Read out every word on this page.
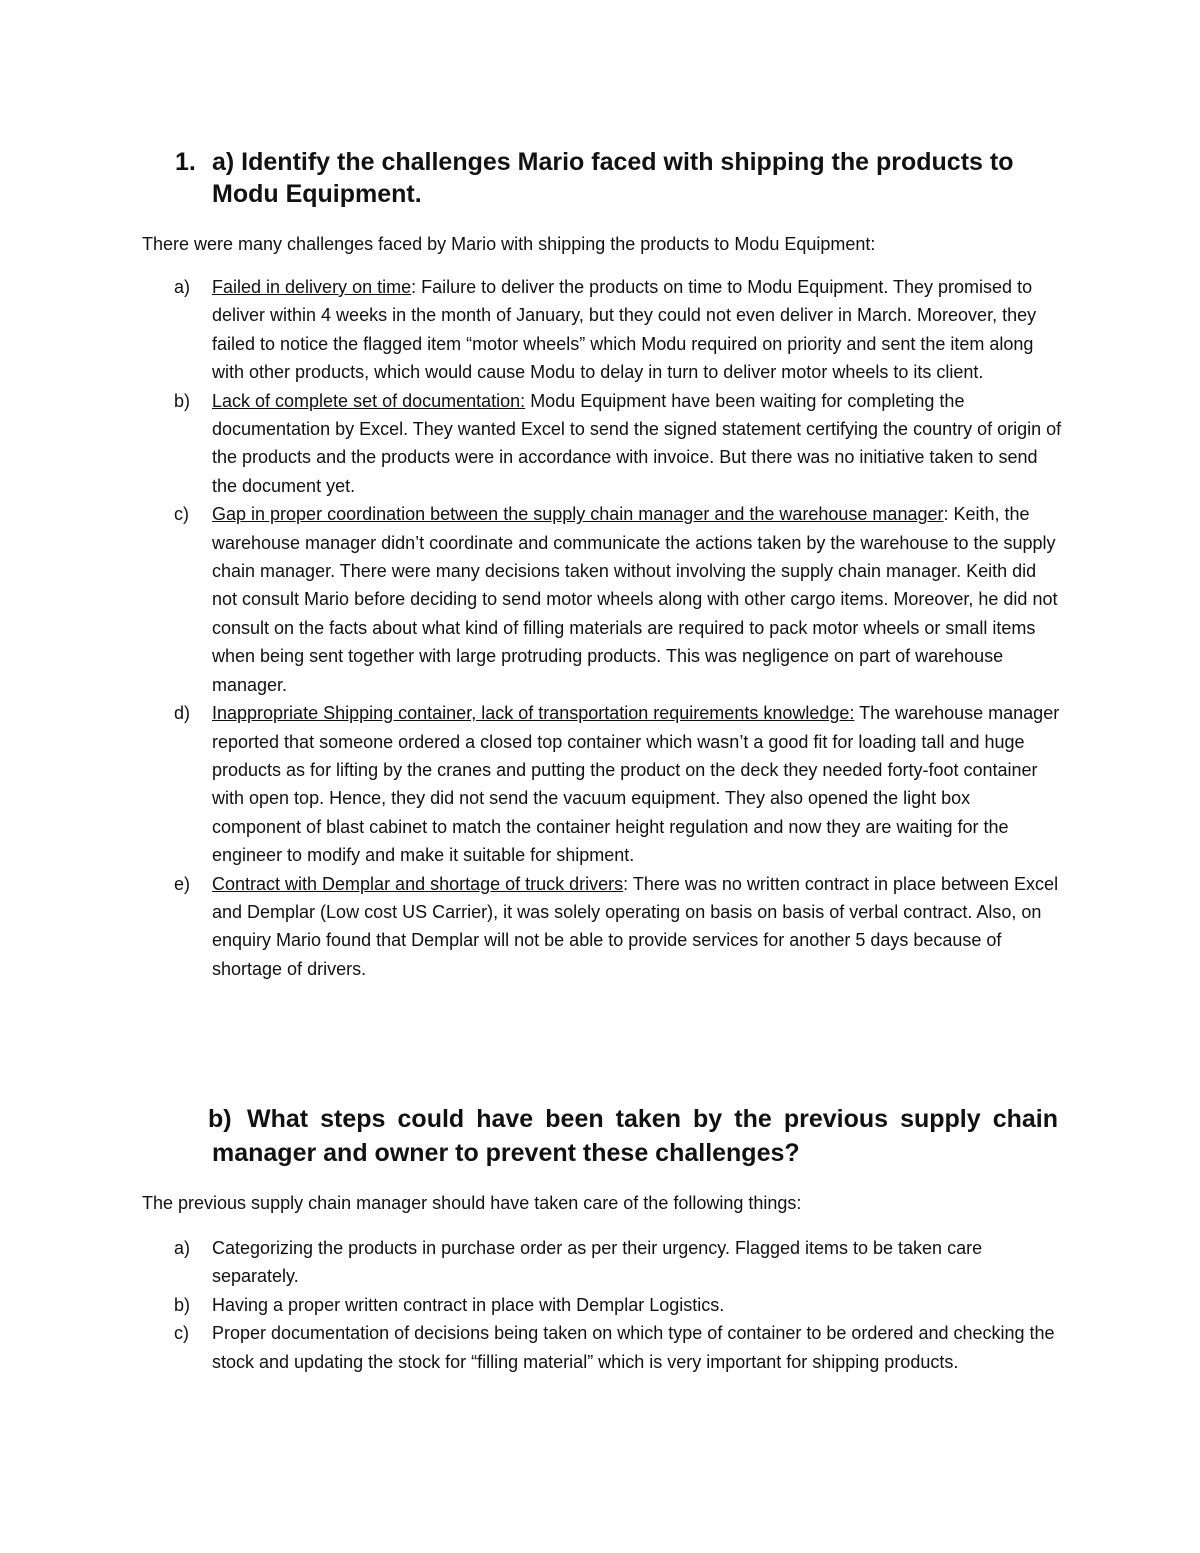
1. a) Identify the challenges Mario faced with shipping the products to Modu Equipment.
There were many challenges faced by Mario with shipping the products to Modu Equipment:
a) Failed in delivery on time: Failure to deliver the products on time to Modu Equipment. They promised to deliver within 4 weeks in the month of January, but they could not even deliver in March. Moreover, they failed to notice the flagged item “motor wheels” which Modu required on priority and sent the item along with other products, which would cause Modu to delay in turn to deliver motor wheels to its client.
b) Lack of complete set of documentation: Modu Equipment have been waiting for completing the documentation by Excel. They wanted Excel to send the signed statement certifying the country of origin of the products and the products were in accordance with invoice. But there was no initiative taken to send the document yet.
c) Gap in proper coordination between the supply chain manager and the warehouse manager: Keith, the warehouse manager didn’t coordinate and communicate the actions taken by the warehouse to the supply chain manager. There were many decisions taken without involving the supply chain manager. Keith did not consult Mario before deciding to send motor wheels along with other cargo items. Moreover, he did not consult on the facts about what kind of filling materials are required to pack motor wheels or small items when being sent together with large protruding products. This was negligence on part of warehouse manager.
d) Inappropriate Shipping container, lack of transportation requirements knowledge: The warehouse manager reported that someone ordered a closed top container which wasn’t a good fit for loading tall and huge products as for lifting by the cranes and putting the product on the deck they needed forty-foot container with open top. Hence, they did not send the vacuum equipment. They also opened the light box component of blast cabinet to match the container height regulation and now they are waiting for the engineer to modify and make it suitable for shipment.
e) Contract with Demplar and shortage of truck drivers: There was no written contract in place between Excel and Demplar (Low cost US Carrier), it was solely operating on basis on basis of verbal contract. Also, on enquiry Mario found that Demplar will not be able to provide services for another 5 days because of shortage of drivers.
b) What steps could have been taken by the previous supply chain manager and owner to prevent these challenges?
The previous supply chain manager should have taken care of the following things:
a) Categorizing the products in purchase order as per their urgency. Flagged items to be taken care separately.
b) Having a proper written contract in place with Demplar Logistics.
c) Proper documentation of decisions being taken on which type of container to be ordered and checking the stock and updating the stock for “filling material” which is very important for shipping products.
